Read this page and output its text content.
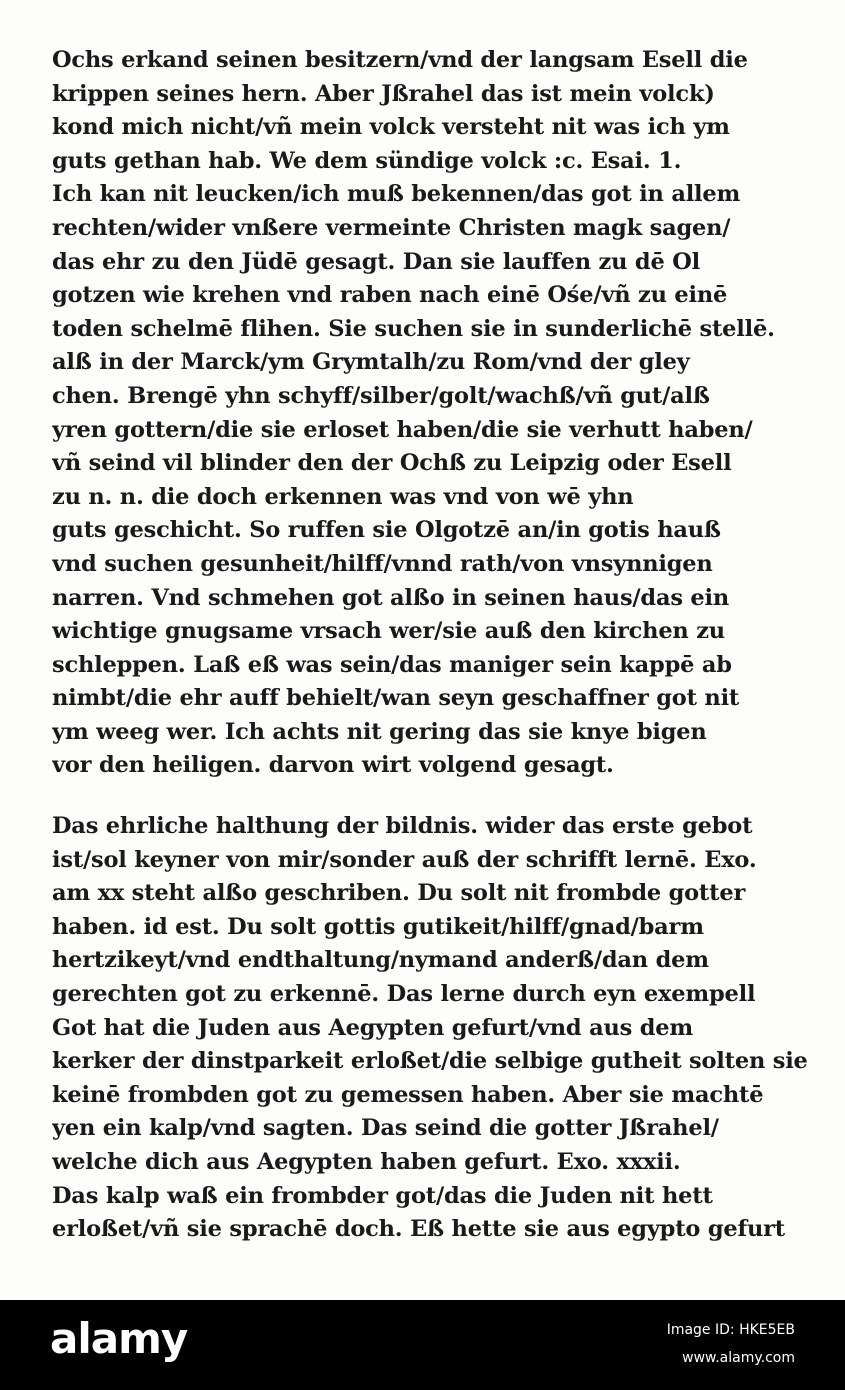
Ochs erkand seinen besitzern/vnd der langsam Esell die
krippen seines hern. Aber Jßrahel das ist mein volck)
kond mich nicht/vñ mein volck versteht nit was ich ym
guts gethan hab. We dem sündige volck :c. Esai. 1.
Ich kan nit leucken/ich muß bekennen/das got in allem
rechten/wider vnßere vermeinte Christen magk sagen/
das ehr zu den Jüdē gesagt. Dan sie lauffen zu dē Ol
gotzen wie krehen vnd raben nach einē Ośe/vñ zu einē
toden schelmē flihen. Sie suchen sie in sunderlichē stellē.
alß in der Marck/ym Grymtalh/zu Rom/vnd der gley
chen. Brengē yhn schyff/silber/golt/wachß/vñ gut/alß
yren gottern/die sie erloset haben/die sie verhutt haben/
vñ seind vil blinder den der Ochß zu Leipzig oder Esell
zu n. n. die doch erkennen was vnd von wē yhn
guts geschicht. So ruffen sie Olgotzē an/in gotis hauß
vnd suchen gesunheit/hilff/vnnd rath/von vnsynnigen
narren. Vnd schmehen got alßo in seinen haus/das ein
wichtige gnugsame vrsach wer/sie auß den kirchen zu
schleppen. Laß eß was sein/das maniger sein kappē ab
nimbt/die ehr auff behielt/wan seyn geschaffner got nit
ym weeg wer. Ich achts nit gering das sie knye bigen
vor den heiligen. darvon wirt volgend gesagt.
Das ehrliche halthung der bildnis. wider das erste gebot
ist/sol keyner von mir/sonder auß der schrifft lernē. Exo.
am xx steht alßo geschriben. Du solt nit frombde gotter
haben. id est. Du solt gottis gutikeit/hilff/gnad/barm
hertzikeyt/vnd endthaltung/nymand anderß/dan dem
gerechten got zu erkennē. Das lerne durch eyn exempell
Got hat die Juden aus Aegypten gefurt/vnd aus dem
kerker der dinstparkeit erloßet/die selbige gutheit solten sie
keinē frombden got zu gemessen haben. Aber sie machtē
yen ein kalp/vnd sagten. Das seind die gotter Jßrahel/
welche dich aus Aegypten haben gefurt. Exo. xxxii.
Das kalp waß ein frombder got/das die Juden nit hett
erloßet/vñ sie sprachē doch. Eß hette sie aus egypto gefurt
alamy	Image ID: HKE5EB
www.alamy.com
